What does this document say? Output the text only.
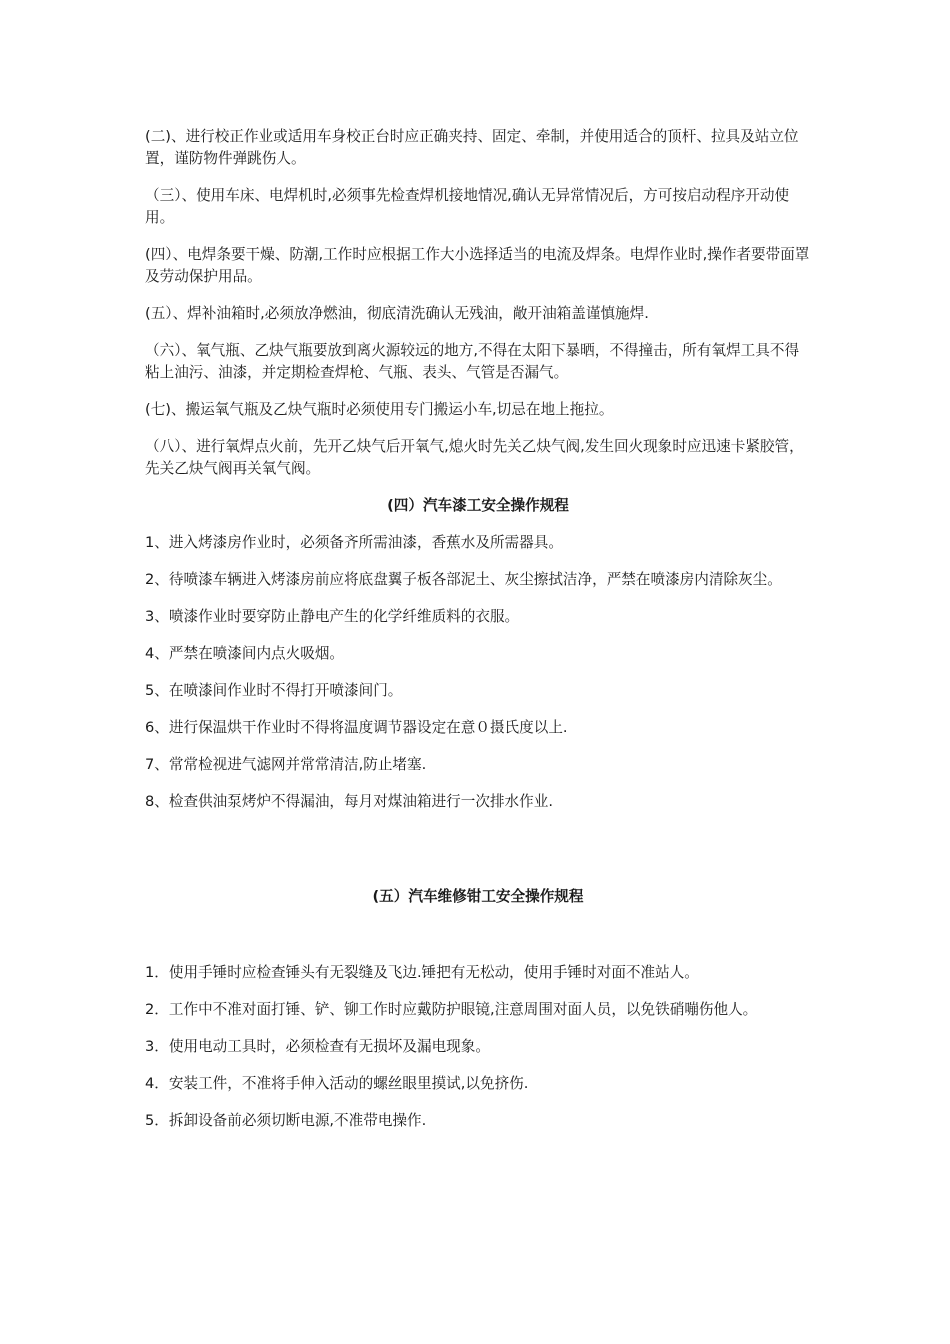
(二)、进行校正作业或适用车身校正台时应正确夹持、固定、牵制，并使用适合的顶杆、拉具及站立位置，谨防物件弹跳伤人。

（三）、使用车床、电焊机时,必须事先检查焊机接地情况,确认无异常情况后，方可按启动程序开动使用。

(四）、电焊条要干燥、防潮,工作时应根据工作大小选择适当的电流及焊条。电焊作业时,操作者要带面罩及劳动保护用品。

(五）、焊补油箱时,必须放净燃油，彻底清洗确认无残油，敞开油箱盖谨慎施焊.

（六）、氧气瓶、乙炔气瓶要放到离火源较远的地方,不得在太阳下暴晒，不得撞击，所有氧焊工具不得粘上油污、油漆，并定期检查焊枪、气瓶、表头、气管是否漏气。

(七)、搬运氧气瓶及乙炔气瓶时必须使用专门搬运小车,切忌在地上拖拉。

（八）、进行氧焊点火前，先开乙炔气后开氧气,熄火时先关乙炔气阀,发生回火现象时应迅速卡紧胶管，先关乙炔气阀再关氧气阀。

(四）汽车漆工安全操作规程

1、进入烤漆房作业时，必须备齐所需油漆，香蕉水及所需器具。

2、待喷漆车辆进入烤漆房前应将底盘翼子板各部泥土、灰尘擦拭洁净，严禁在喷漆房内清除灰尘。

3、喷漆作业时要穿防止静电产生的化学纤维质料的衣服。

4、严禁在喷漆间内点火吸烟。

5、在喷漆间作业时不得打开喷漆间门。

6、进行保温烘干作业时不得将温度调节器设定在意０摄氏度以上.

7、常常检视进气滤网并常常清洁,防止堵塞.

8、检查供油泵烤炉不得漏油，每月对煤油箱进行一次排水作业.

(五）汽车维修钳工安全操作规程

1．使用手锤时应检查锤头有无裂缝及飞边.锤把有无松动，使用手锤时对面不准站人。

2．工作中不准对面打锤、铲、铆工作时应戴防护眼镜,注意周围对面人员，以免铁硝嘣伤他人。

3．使用电动工具时，必须检查有无损坏及漏电现象。

4．安装工件，不准将手伸入活动的螺丝眼里摸试,以免挤伤.

5．拆卸设备前必须切断电源,不准带电操作.
